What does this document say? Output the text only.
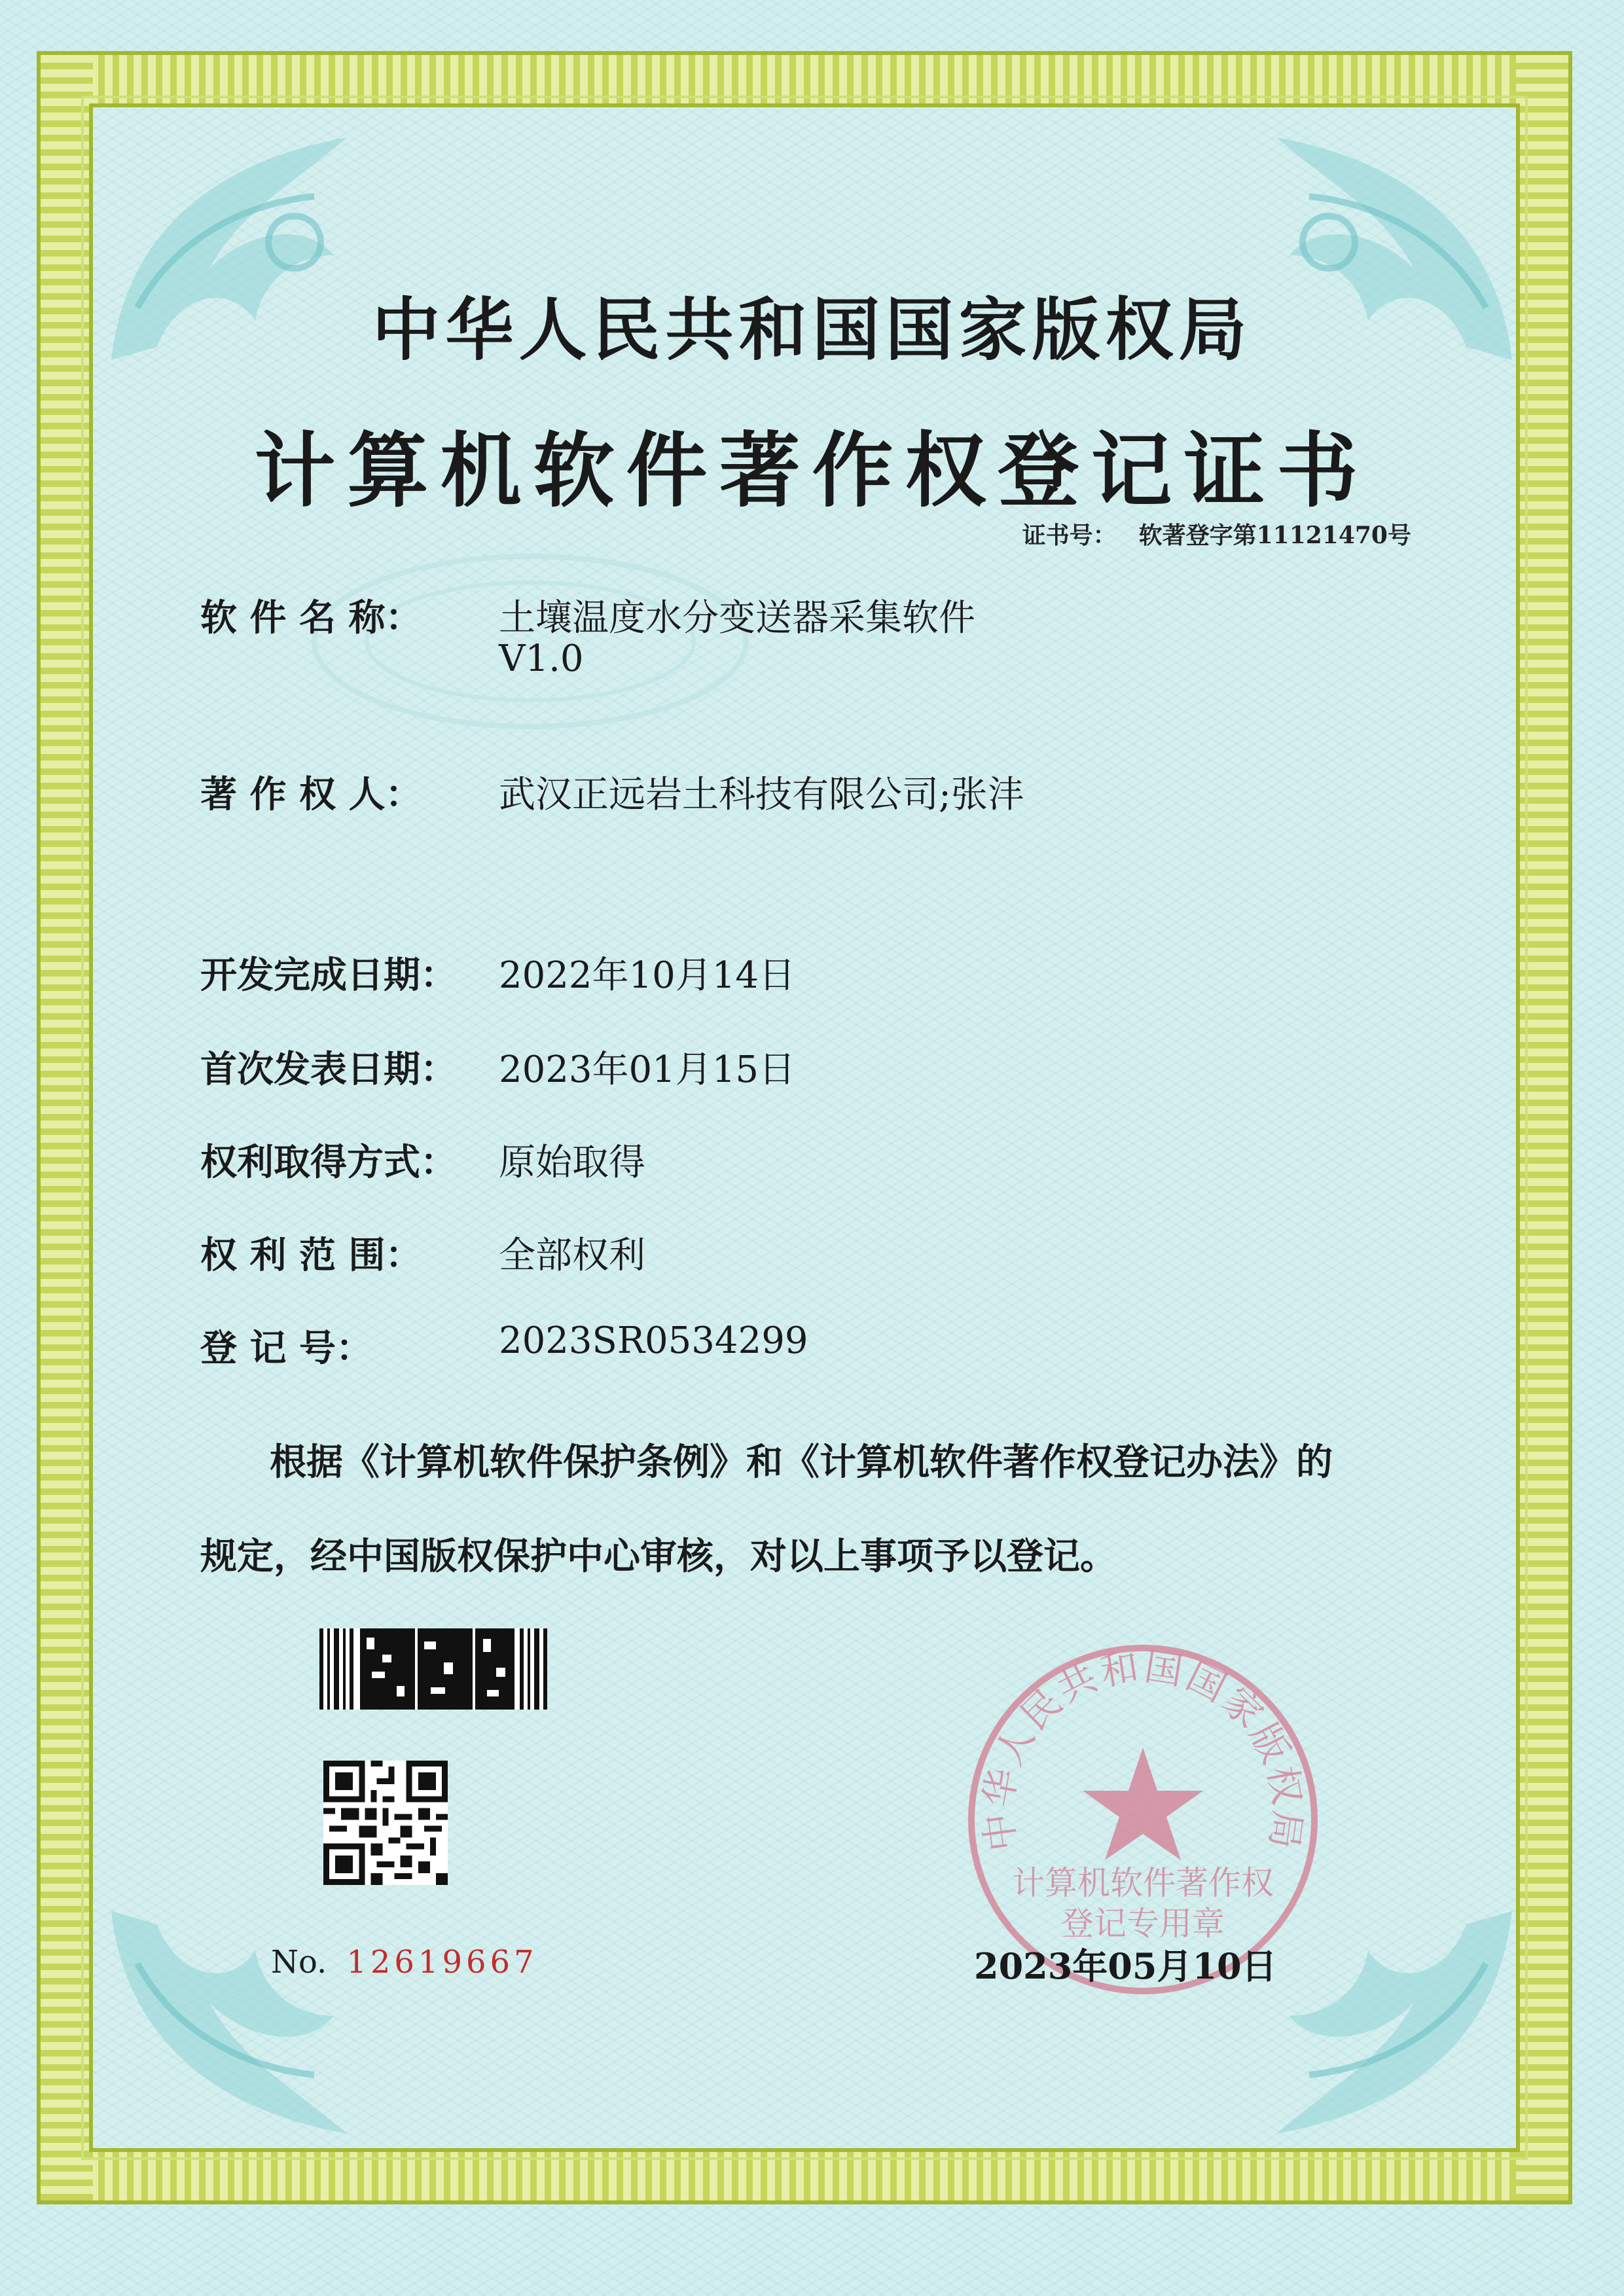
中华人民共和国国家版权局
计算机软件著作权登记证书
证书号： 软著登字第11121470号
软 件 名 称： 土壤温度水分变送器采集软件
V1.0
著 作 权 人： 武汉正远岩土科技有限公司;张沣
开发完成日期： 2022年10月14日
首次发表日期： 2023年01月15日
权利取得方式： 原始取得
权 利 范 围： 全部权利
登 记 号：	2023SR0534299
根据《计算机软件保护条例》和《计算机软件著作权登记办法》的
规定，经中国版权保护中心审核，对以上事项予以登记。
No. 12619667
中华人民共和国国家版权局
计算机软件著作权
登记专用章
2023年05月10日
